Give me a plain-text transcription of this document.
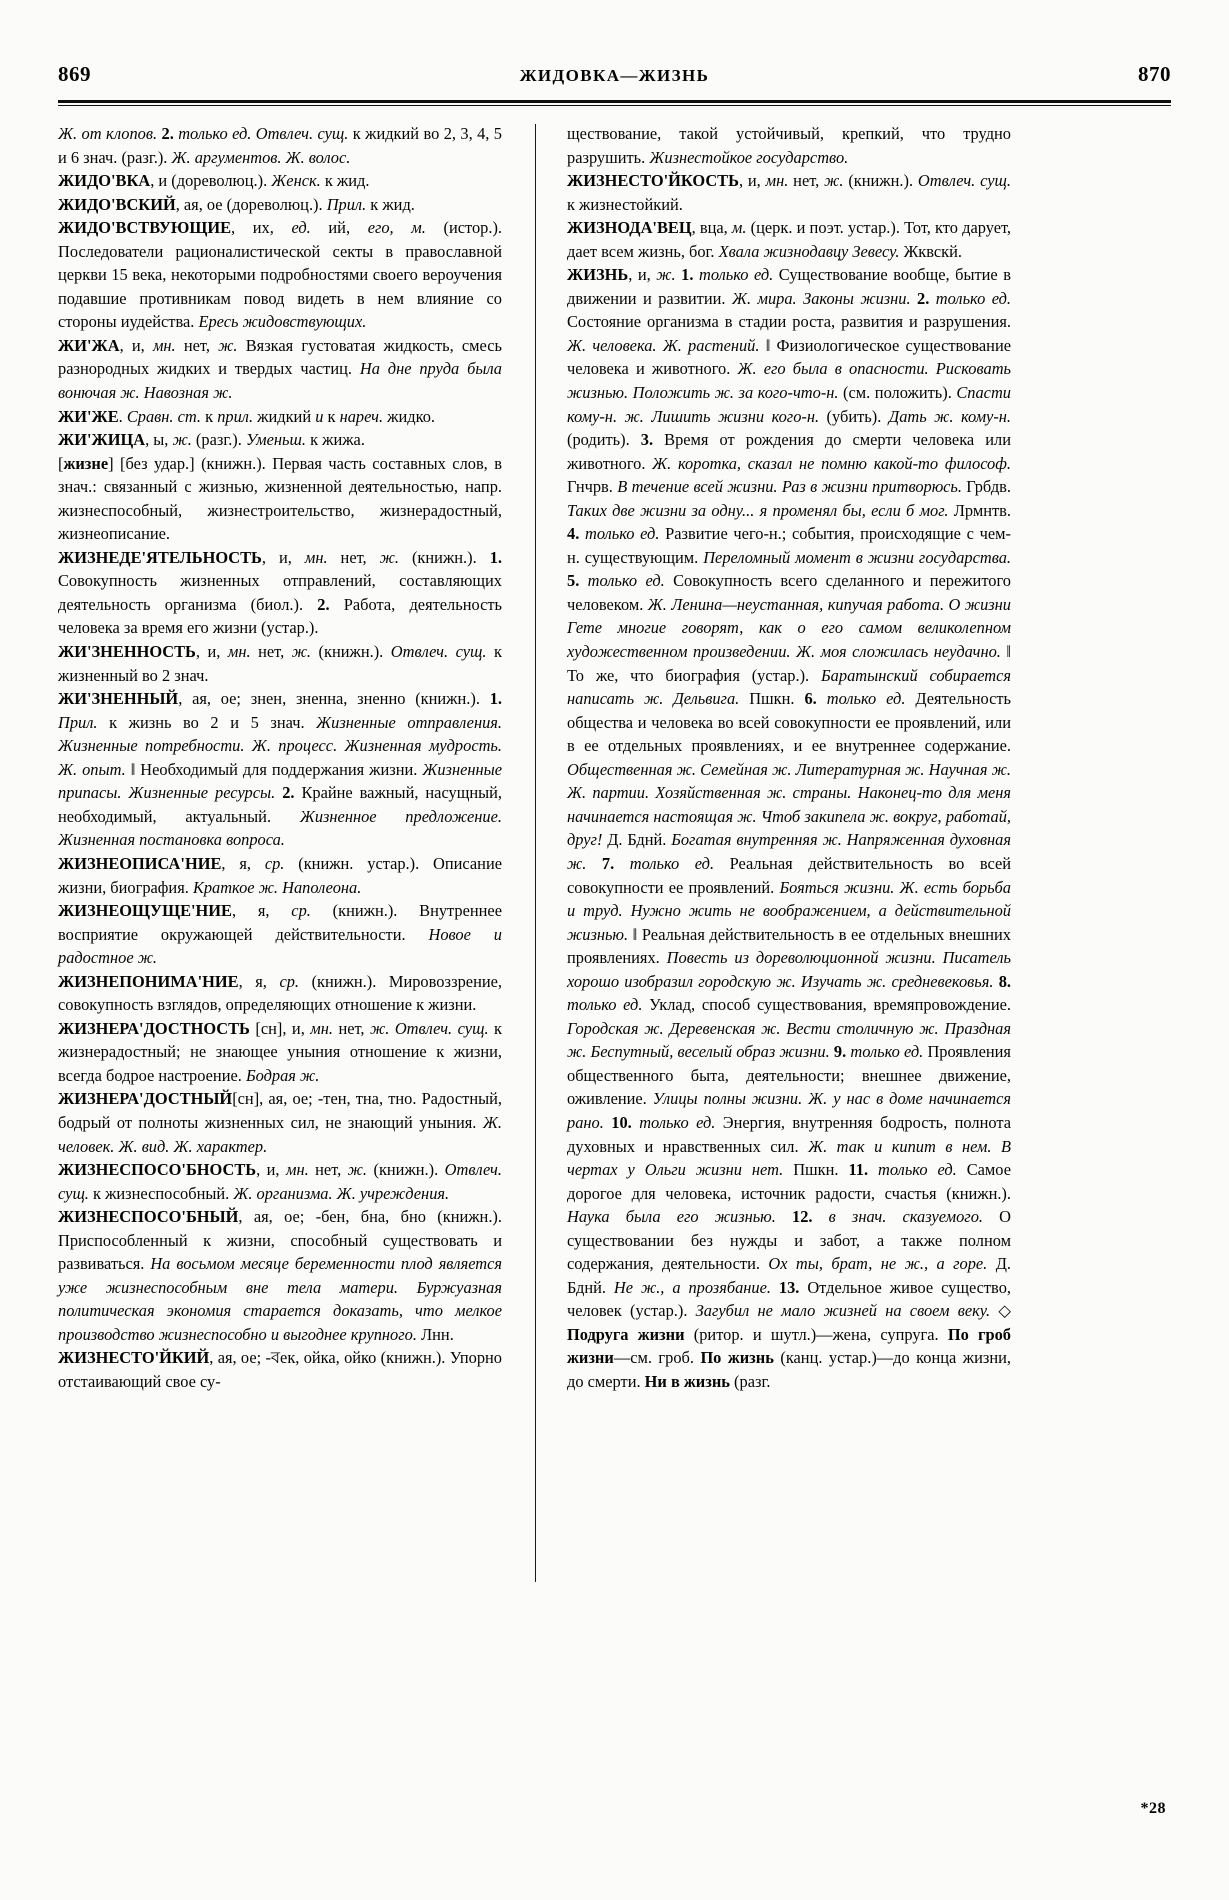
869	ЖИДОВКА—ЖИЗНЬ	870

Ж. от клопов. 2. только ед. Отвлеч. сущ. к жидкий во 2, 3, 4, 5 и 6 знач. (разг.). Ж. аргументов. Ж. волос.

ЖИДО'ВКА, и (дореволюц.). Женск. к жид.

ЖИДО'ВСКИЙ, ая, ое (дореволюц.). Прил. к жид.

ЖИДО'ВСТВУЮЩИЕ, их, ед. ий, его, м. (истор.). Последователи рационалистической секты в православной церкви 15 века, некоторыми подробностями своего вероучения подавшие противникам повод видеть в нем влияние со стороны иудейства. Ересь жидовствующих.

ЖИ'ЖА, и, мн. нет, ж. Вязкая густоватая жидкость, смесь разнородных жидких и твердых частиц. На дне пруда была вонючая ж. Навозная ж.

ЖИ'ЖЕ. Сравн. ст. к прил. жидкий и к нареч. жидко.

ЖИ'ЖИЦА, ы, ж. (разг.). Уменьш. к жижа.

[жизне] [без удар.] (книжн.). Первая часть составных слов, в знач.: связанный с жизнью, жизненной деятельностью, напр. жизнеспособный, жизнестроительство, жизнерадостный, жизнеописание.

ЖИЗНЕДЕ'ЯТЕЛЬНОСТЬ, и, мн. нет, ж. (книжн.). 1. Совокупность жизненных отправлений, составляющих деятельность организма (биол.). 2. Работа, деятельность человека за время его жизни (устар.).

ЖИ'ЗНЕННОСТЬ, и, мн. нет, ж. (книжн.). Отвлеч. сущ. к жизненный во 2 знач.

ЖИ'ЗНЕННЫЙ, ая, ое; знен, зненна, зненно (книжн.). 1. Прил. к жизнь во 2 и 5 знач. Жизненные отправления. Жизненные потребности. Ж. процесс. Жизненная мудрость. Ж. опыт. ‖ Необходимый для поддержания жизни. Жизненные припасы. Жизненные ресурсы. 2. Крайне важный, насущный, необходимый, актуальный. Жизненное предложение. Жизненная постановка вопроса.

ЖИЗНЕОПИСА'НИЕ, я, ср. (книжн. устар.). Описание жизни, биография. Краткое ж. Наполеона.

ЖИЗНЕОЩУЩЕ'НИЕ, я, ср. (книжн.). Внутреннее восприятие окружающей действительности. Новое и радостное ж.

ЖИЗНЕПОНИМА'НИЕ, я, ср. (книжн.). Мировоззрение, совокупность взглядов, определяющих отношение к жизни.

ЖИЗНЕРА'ДОСТНОСТЬ [сн], и, мн. нет, ж. Отвлеч. сущ. к жизнерадостный; не знающее уныния отношение к жизни, всегда бодрое настроение. Бодрая ж.

ЖИЗНЕРА'ДОСТНЫЙ[сн], ая, ое; -тен, тна, тно. Радостный, бодрый от полноты жизненных сил, не знающий уныния. Ж. человек. Ж. вид. Ж. характер.

ЖИЗНЕСПОСО'БНОСТЬ, и, мн. нет, ж. (книжн.). Отвлеч. сущ. к жизнеспособный. Ж. организма. Ж. учреждения.

ЖИЗНЕСПОСО'БНЫЙ, ая, ое; -бен, бна, бно (книжн.). Приспособленный к жизни, способный существовать и развиваться. На восьмом месяце беременности плод является уже жизнеспособным вне тела матери. Буржуазная политическая экономия старается доказать, что мелкое производство жизнеспособно и выгоднее крупного. Лнн.

ЖИЗНЕСТО'ЙКИЙ, ая, ое; -বек, ойка, ойко (книжн.). Упорно отстаивающий свое су-

ществование, такой устойчивый, крепкий, что трудно разрушить. Жизнестойкое государство.

ЖИЗНЕСТО'ЙКОСТЬ, и, мн. нет, ж. (книжн.). Отвлеч. сущ. к жизнестойкий.

ЖИЗНОДА'ВЕЦ, вца, м. (церк. и поэт. устар.). Тот, кто дарует, дает всем жизнь, бог. Хвала жизнодавцу Зевесу. Жквскй.

ЖИЗНЬ, и, ж. 1. только ед. Существование вообще, бытие в движении и развитии. Ж. мира. Законы жизни. 2. только ед. Состояние организма в стадии роста, развития и разрушения. Ж. человека. Ж. растений. ‖ Физиологическое существование человека и животного. Ж. его была в опасности. Рисковать жизнью. Положить ж. за кого-что-н. (см. положить). Спасти кому-н. ж. Лишить жизни кого-н. (убить). Дать ж. кому-н. (родить). 3. Время от рождения до смерти человека или животного. Ж. коротка, сказал не помню какой-то философ. Гнчрв. В течение всей жизни. Раз в жизни притворюсь. Грбдв. Таких две жизни за одну... я променял бы, если б мог. Лрмнтв. 4. только ед. Развитие чего-н.; события, происходящие с чем-н. существующим. Переломный момент в жизни государства. 5. только ед. Совокупность всего сделанного и пережитого человеком. Ж. Ленина—неустанная, кипучая работа. О жизни Гете многие говорят, как о его самом великолепном художественном произведении. Ж. моя сложилась неудачно. ‖ То же, что биография (устар.). Баратынский собирается написать ж. Дельвига. Пшкн. 6. только ед. Деятельность общества и человека во всей совокупности ее проявлений, или в ее отдельных проявлениях, и ее внутреннее содержание. Общественная ж. Семейная ж. Литературная ж. Научная ж. Ж. партии. Хозяйственная ж. страны. Наконец-то для меня начинается настоящая ж. Чтоб закипела ж. вокруг, работай, друг! Д. Бднй. Богатая внутренняя ж. Напряженная духовная ж. 7. только ед. Реальная действительность во всей совокупности ее проявлений. Бояться жизни. Ж. есть борьба и труд. Нужно жить не воображением, а действительной жизнью. ‖ Реальная действительность в ее отдельных внешних проявлениях. Повесть из дореволюционной жизни. Писатель хорошо изобразил городскую ж. Изучать ж. средневековья. 8. только ед. Уклад, способ существования, времяпровождение. Городская ж. Деревенская ж. Вести столичную ж. Праздная ж. Беспутный, веселый образ жизни. 9. только ед. Проявления общественного быта, деятельности; внешнее движение, оживление. Улицы полны жизни. Ж. у нас в доме начинается рано. 10. только ед. Энергия, внутренняя бодрость, полнота духовных и нравственных сил. Ж. так и кипит в нем. В чертах у Ольги жизни нет. Пшкн. 11. только ед. Самое дорогое для человека, источник радости, счастья (книжн.). Наука была его жизнью. 12. в знач. сказуемого. О существовании без нужды и забот, а также полном содержания, деятельности. Ох ты, брат, не ж., а горе. Д. Бднй. Не ж., а прозябание. 13. Отдельное живое существо, человек (устар.). Загубил не мало жизней на своем веку. ◇ Подруга жизни (ритор. и шутл.)—жена, супруга. По гроб жизни—см. гроб. По жизнь (канц. устар.)—до конца жизни, до смерти. Ни в жизнь (разг.

*28
